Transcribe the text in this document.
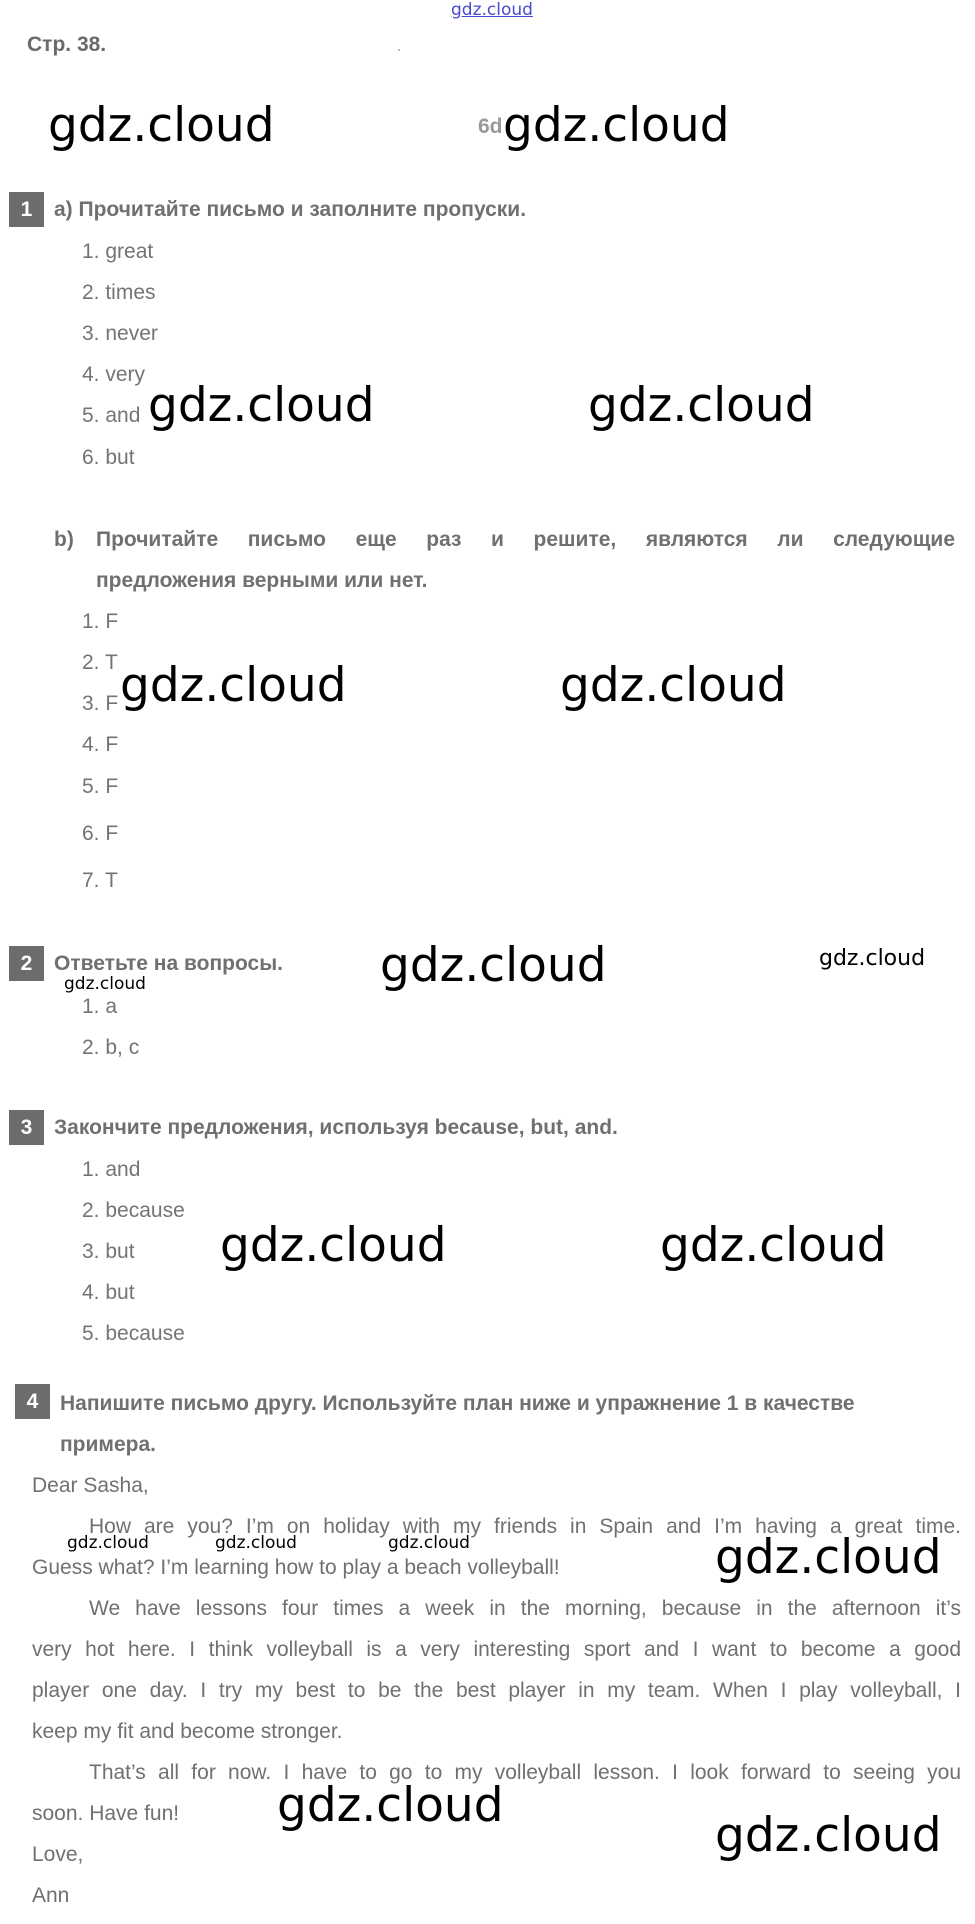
gdz.cloud
Стр. 38.	.
6d
1	a) Прочитайте письмо и заполните пропуски.
1. great
2. times
3. never
4. very
5. and
6. but
b) Прочитайте письмо еще раз и решите, являются ли следующие
предложения верными или нет.
1. F
2. T
3. F
4. F
5. F
6. F
7. T
2	Ответьте на вопросы.
1. a
2. b, c
3	Закончите предложения, используя because, but, and.
1. and
2. because
3. but
4. but
5. because
4	Напишите письмо другу. Используйте план ниже и упражнение 1 в качестве
примера.
Dear Sasha,
How are you? I’m on holiday with my friends in Spain and I’m having a great time.
Guess what? I’m learning how to play a beach volleyball!
We have lessons four times a week in the morning, because in the afternoon it’s
very hot here. I think volleyball is a very interesting sport and I want to become a good
player one day. I try my best to be the best player in my team. When I play volleyball, I
keep my fit and become stronger.
That’s all for now. I have to go to my volleyball lesson. I look forward to seeing you
soon. Have fun!
Love,
Ann
gdz.cloud	gdz.cloud
gdz.cloud	gdz.cloud
gdz.cloud	gdz.cloud
gdz.cloud	gdz.cloud
gdz.cloud
gdz.cloud	gdz.cloud
gdz.cloud	gdz.cloud	gdz.cloud	gdz.cloud
gdz.cloud
gdz.cloud
